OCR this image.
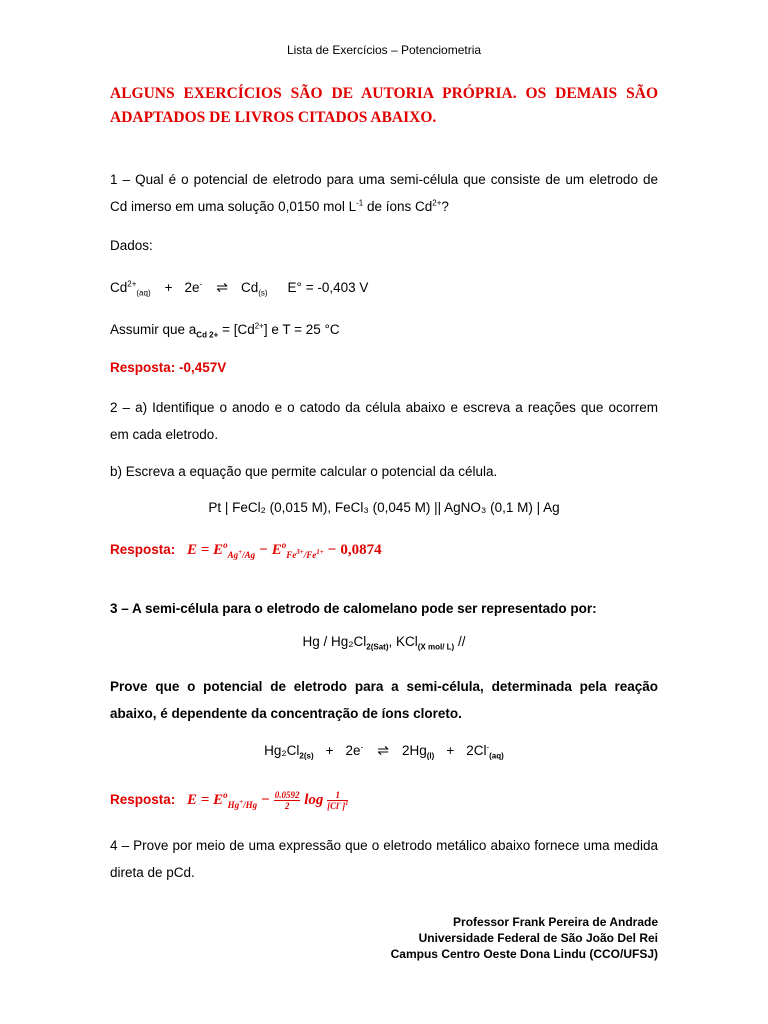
Lista de Exercícios – Potenciometria
ALGUNS EXERCÍCIOS SÃO DE AUTORIA PRÓPRIA. OS DEMAIS SÃO ADAPTADOS DE LIVROS CITADOS ABAIXO.
1 – Qual é o potencial de eletrodo para uma semi-célula que consiste de um eletrodo de Cd imerso em uma solução 0,0150 mol $L^{-1}$ de íons $Cd^{2+}$?
Dados:
$Cd^{2+}_{(aq)} + 2e^-$ ⇌ $Cd_{(s)}$ E° = -0,403 V
Assumir que $a_{Cd 2+} = [Cd^{2+}]$ e T = 25 °C
Resposta: -0,457V
2 – a) Identifique o anodo e o catodo da célula abaixo e escreva a reações que ocorrem em cada eletrodo.
b) Escreva a equação que permite calcular o potencial da célula.
Pt | FeCl₂ (0,015 M), FeCl₃ (0,045 M) || AgNO₃ (0,1 M) | Ag
Resposta: $E = E^o_{Ag^+/Ag} - E^o_{Fe^{3+}/Fe^{1+}} - 0,0874$
3 – A semi-célula para o eletrodo de calomelano pode ser representado por:
Hg / $Hg_2Cl_{2(Sat)}$, KCl$_{(X mol/ L)}$ //
Prove que o potencial de eletrodo para a semi-célula, determinada pela reação abaixo, é dependente da concentração de íons cloreto.
$Hg_2Cl_{2(s)} + 2e^-$ ⇌ $2Hg_{(l)} + 2Cl^-_{(aq)}$
Resposta: $E = E^o_{Hg^+/Hg} - \frac{0.0592}{2}$ $\log \frac{1}{[Cl^-]^1}$
4 – Prove por meio de uma expressão que o eletrodo metálico abaixo fornece uma medida direta de pCd.
Professor Frank Pereira de Andrade
Universidade Federal de São João Del Rei
Campus Centro Oeste Dona Lindu (CCO/UFSJ)
